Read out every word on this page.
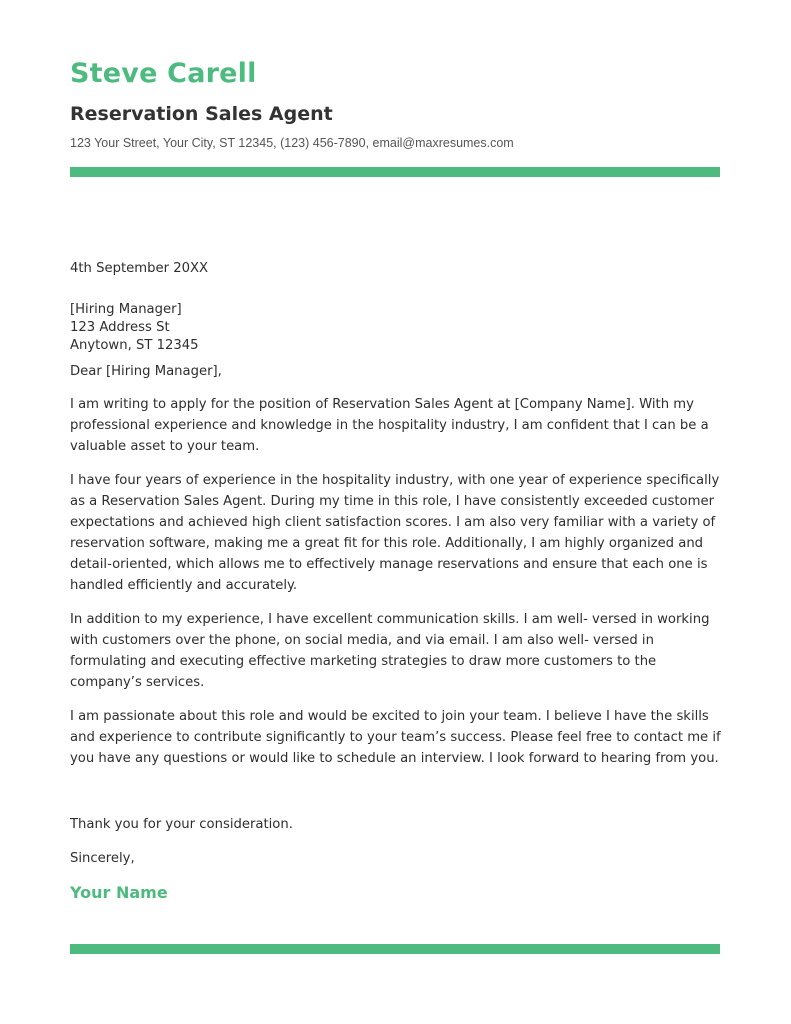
Steve Carell
Reservation Sales Agent
123 Your Street, Your City, ST 12345, (123) 456-7890, email@maxresumes.com
4th September 20XX
[Hiring Manager]
123 Address St
Anytown, ST 12345
Dear [Hiring Manager],

I am writing to apply for the position of Reservation Sales Agent at [Company Name]. With my professional experience and knowledge in the hospitality industry, I am confident that I can be a valuable asset to your team.

I have four years of experience in the hospitality industry, with one year of experience specifically as a Reservation Sales Agent. During my time in this role, I have consistently exceeded customer expectations and achieved high client satisfaction scores. I am also very familiar with a variety of reservation software, making me a great fit for this role. Additionally, I am highly organized and detail-oriented, which allows me to effectively manage reservations and ensure that each one is handled efficiently and accurately.

In addition to my experience, I have excellent communication skills. I am well- versed in working with customers over the phone, on social media, and via email. I am also well- versed in formulating and executing effective marketing strategies to draw more customers to the company’s services.

I am passionate about this role and would be excited to join your team. I believe I have the skills and experience to contribute significantly to your team’s success. Please feel free to contact me if you have any questions or would like to schedule an interview. I look forward to hearing from you.

Thank you for your consideration.
Sincerely,
Your Name
